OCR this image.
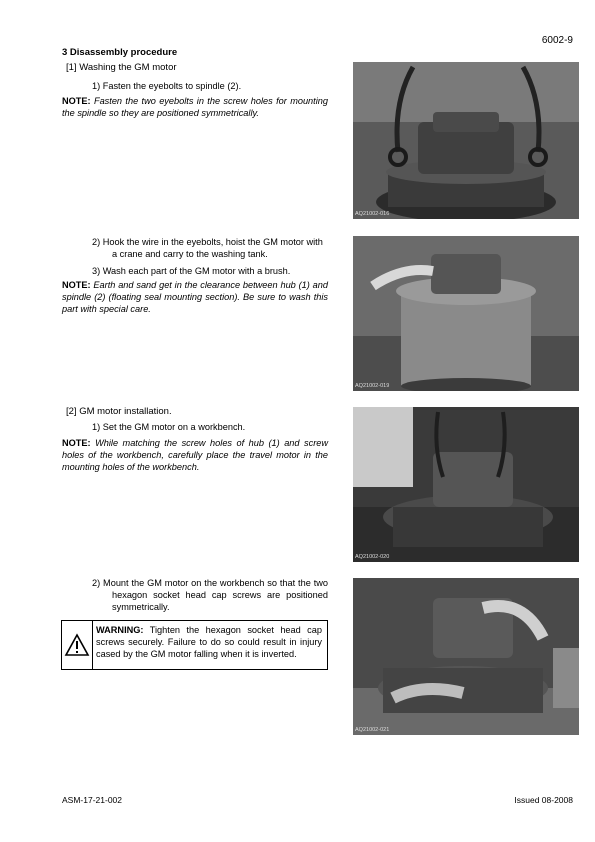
6002-9
3 Disassembly procedure
[1] Washing the GM motor
1) Fasten the eyebolts to spindle (2).
NOTE: Fasten the two eyebolts in the screw holes for mounting the spindle so they are positioned symmetrically.
2) Hook the wire in the eyebolts, hoist the GM motor with a crane and carry to the washing tank.
3) Wash each part of the GM motor with a brush.
NOTE: Earth and sand get in the clearance between hub (1) and spindle (2) (floating seal mounting section). Be sure to wash this part with special care.
[2] GM motor installation.
1) Set the GM motor on a workbench.
NOTE: While matching the screw holes of hub (1) and screw holes of the workbench, carefully place the travel motor in the mounting holes of the workbench.
2) Mount the GM motor on the workbench so that the two hexagon socket head cap screws are positioned symmetrically.
WARNING: Tighten the hexagon socket head cap screws securely. Failure to do so could result in injury cased by the GM motor falling when it is inverted.
AQ21002-016
AQ21002-019
AQ21002-020
AQ21002-021
ASM-17-21-002	Issued 08-2008
